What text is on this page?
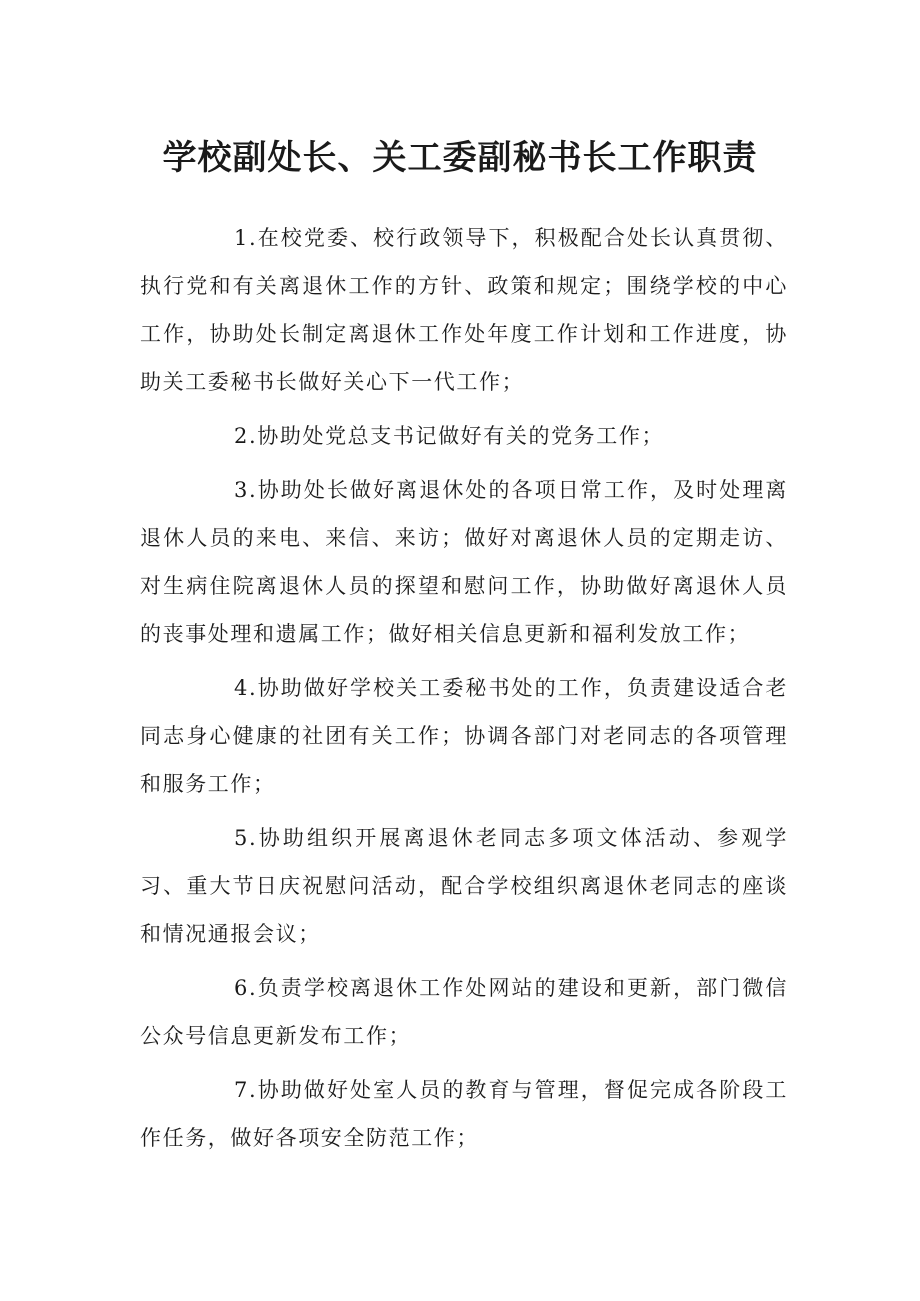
学校副处长、关工委副秘书长工作职责

1.在校党委、校行政领导下，积极配合处长认真贯彻、执行党和有关离退休工作的方针、政策和规定；围绕学校的中心工作，协助处长制定离退休工作处年度工作计划和工作进度，协助关工委秘书长做好关心下一代工作；

2.协助处党总支书记做好有关的党务工作；

3.协助处长做好离退休处的各项日常工作，及时处理离退休人员的来电、来信、来访；做好对离退休人员的定期走访、对生病住院离退休人员的探望和慰问工作，协助做好离退休人员的丧事处理和遗属工作；做好相关信息更新和福利发放工作；

4.协助做好学校关工委秘书处的工作，负责建设适合老同志身心健康的社团有关工作；协调各部门对老同志的各项管理和服务工作；

5.协助组织开展离退休老同志多项文体活动、参观学习、重大节日庆祝慰问活动，配合学校组织离退休老同志的座谈和情况通报会议；

6.负责学校离退休工作处网站的建设和更新，部门微信公众号信息更新发布工作；

7.协助做好处室人员的教育与管理，督促完成各阶段工作任务，做好各项安全防范工作；
